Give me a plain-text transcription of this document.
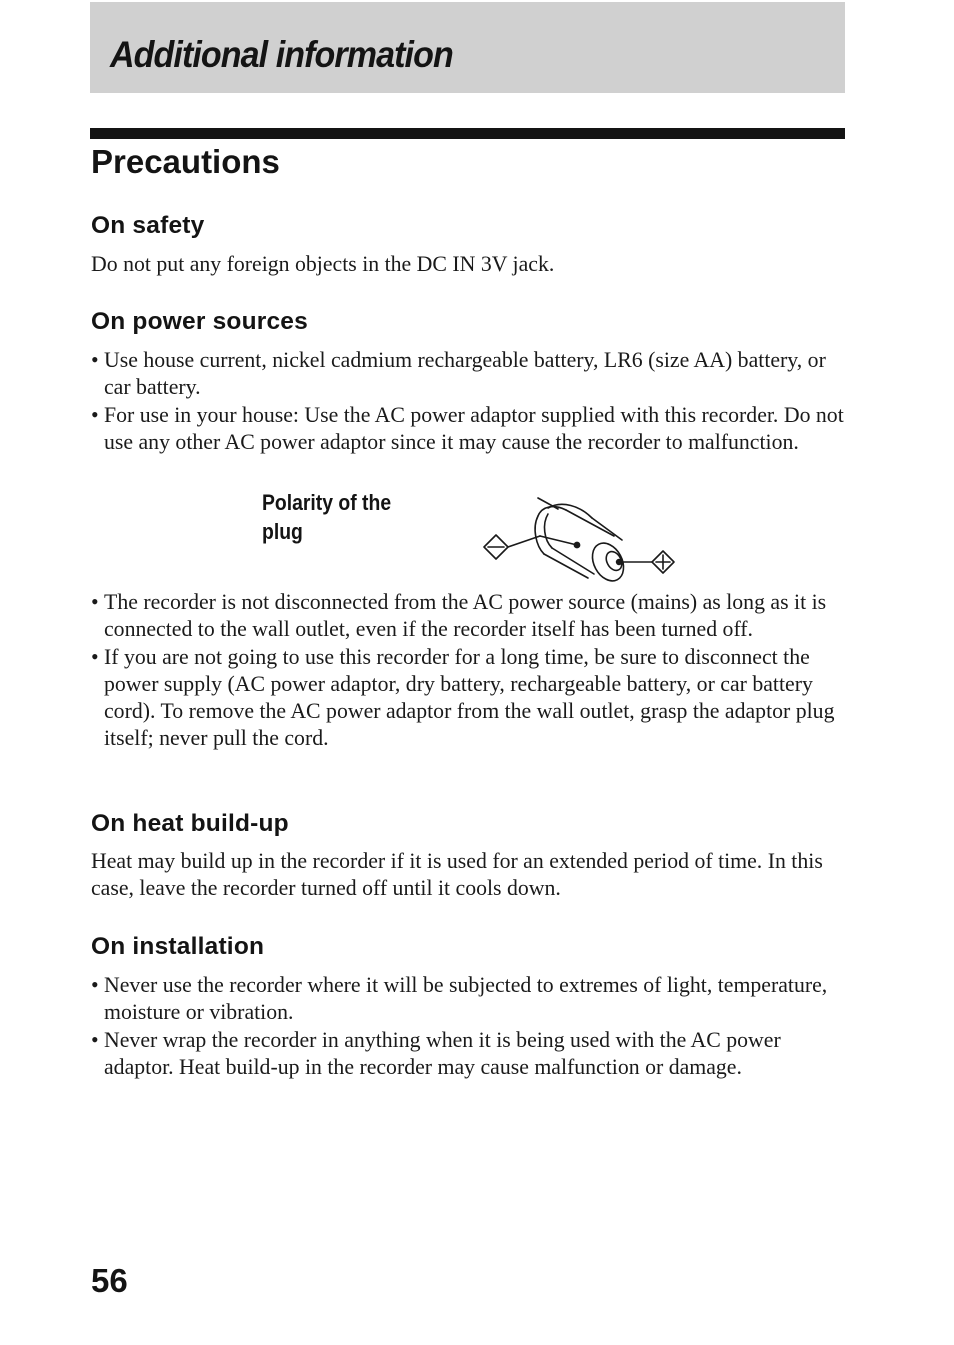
Additional information
Precautions
On safety

Do not put any foreign objects in the DC IN 3V jack.

On power sources
• Use house current, nickel cadmium rechargeable battery, LR6 (size AA) battery, or car battery.
• For use in your house: Use the AC power adaptor supplied with this recorder. Do not use any other AC power adaptor since it may cause the recorder to malfunction.
Polarity of the plug
• The recorder is not disconnected from the AC power source (mains) as long as it is connected to the wall outlet, even if the recorder itself has been turned off.
• If you are not going to use this recorder for a long time, be sure to disconnect the power supply (AC power adaptor, dry battery, rechargeable battery, or car battery cord). To remove the AC power adaptor from the wall outlet, grasp the adaptor plug itself; never pull the cord.
On heat build-up

Heat may build up in the recorder if it is used for an extended period of time. In this case, leave the recorder turned off until it cools down.

On installation
• Never use the recorder where it will be subjected to extremes of light, temperature, moisture or vibration.
• Never wrap the recorder in anything when it is being used with the AC power adaptor. Heat build-up in the recorder may cause malfunction or damage.
56
